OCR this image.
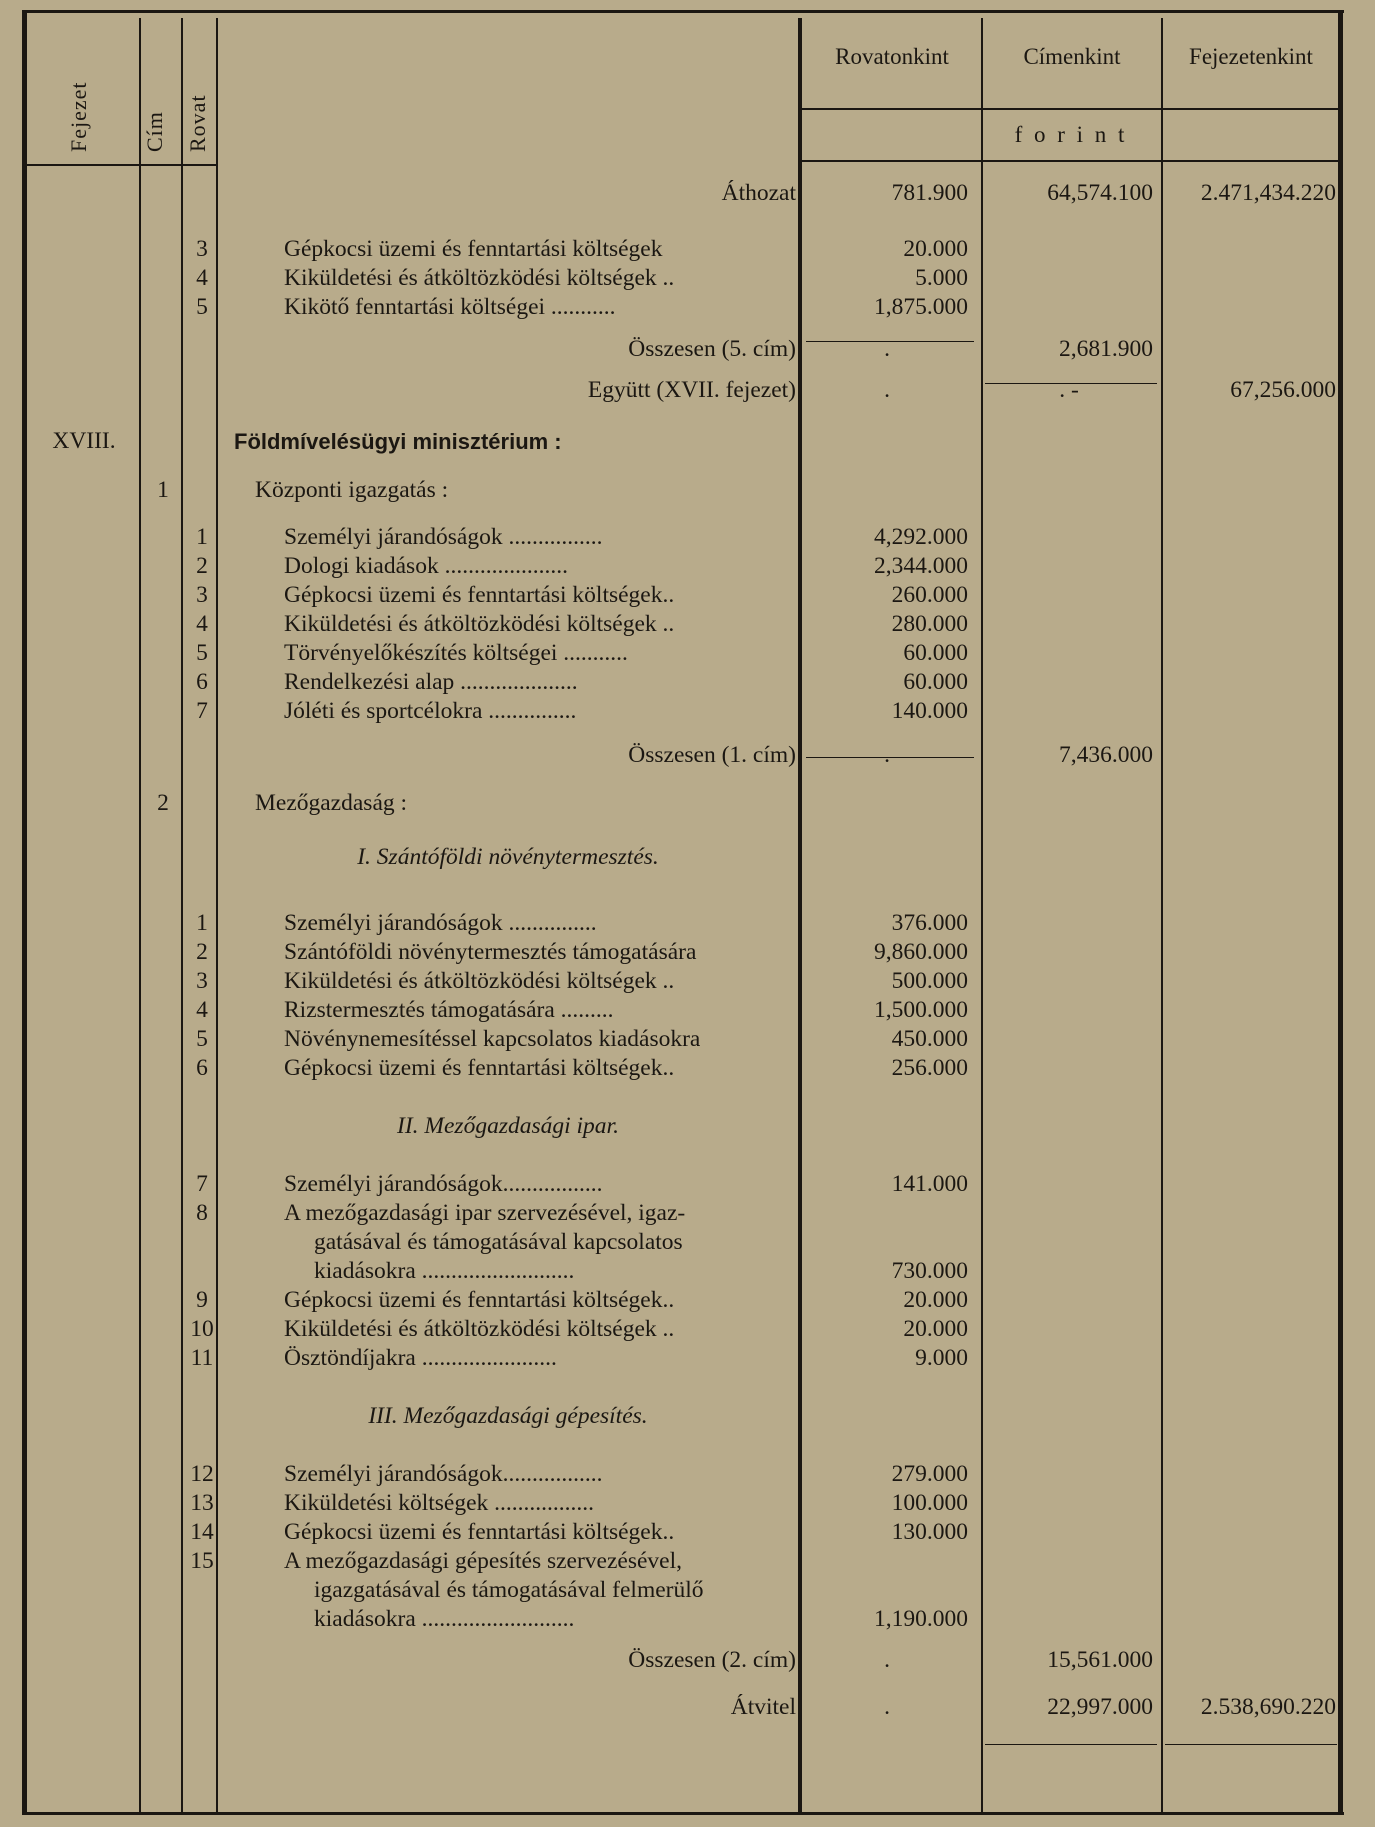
Fejezet Cím Rovat
Rovatonkint	Címenkint	Fejezetenkint
f o r i n t
Áthozat	781.900	64,574.100	2.471,434.220
3	Gépkocsi üzemi és fenntartási költségek	20.000
4	Kiküldetési és átköltözködési költségek ..	5.000
5	Kikötő fenntartási költségei ...........	1,875.000
Összesen (5. cím)	.	2,681.900
Együtt (XVII. fejezet)	.	. -	67,256.000
XVIII.	Földmívelésügyi minisztérium :
1	Központi igazgatás :
1	Személyi járandóságok ................	4,292.000
2	Dologi kiadások .....................	2,344.000
3	Gépkocsi üzemi és fenntartási költségek..	260.000
4	Kiküldetési és átköltözködési költségek ..	280.000
5	Törvényelőkészítés költségei ...........	60.000
6	Rendelkezési alap ....................	60.000
7	Jóléti és sportcélokra ...............	140.000
Összesen (1. cím)	.	7,436.000
2	Mezőgazdaság :
I. Szántóföldi növénytermesztés.
1	Személyi járandóságok ...............	376.000
2	Szántóföldi növénytermesztés támogatására	9,860.000
3	Kiküldetési és átköltözködési költségek ..	500.000
4	Rizstermesztés támogatására .........	1,500.000
5	Növénynemesítéssel kapcsolatos kiadásokra	450.000
6	Gépkocsi üzemi és fenntartási költségek..	256.000
II. Mezőgazdasági ipar.
7	Személyi járandóságok.................	141.000
8	A mezőgazdasági ipar szervezésével, igaz-
gatásával és támogatásával kapcsolatos
kiadásokra ..........................	730.000
9	Gépkocsi üzemi és fenntartási költségek..	20.000
10	Kiküldetési és átköltözködési költségek ..	20.000
11	Ösztöndíjakra .......................	9.000
III. Mezőgazdasági gépesítés.
12	Személyi járandóságok.................	279.000
13	Kiküldetési költségek .................	100.000
14	Gépkocsi üzemi és fenntartási költségek..	130.000
15	A mezőgazdasági gépesítés szervezésével,
igazgatásával és támogatásával felmerülő
kiadásokra ..........................	1,190.000
Összesen (2. cím)	.	15,561.000
Átvitel	.	22,997.000	2.538,690.220
